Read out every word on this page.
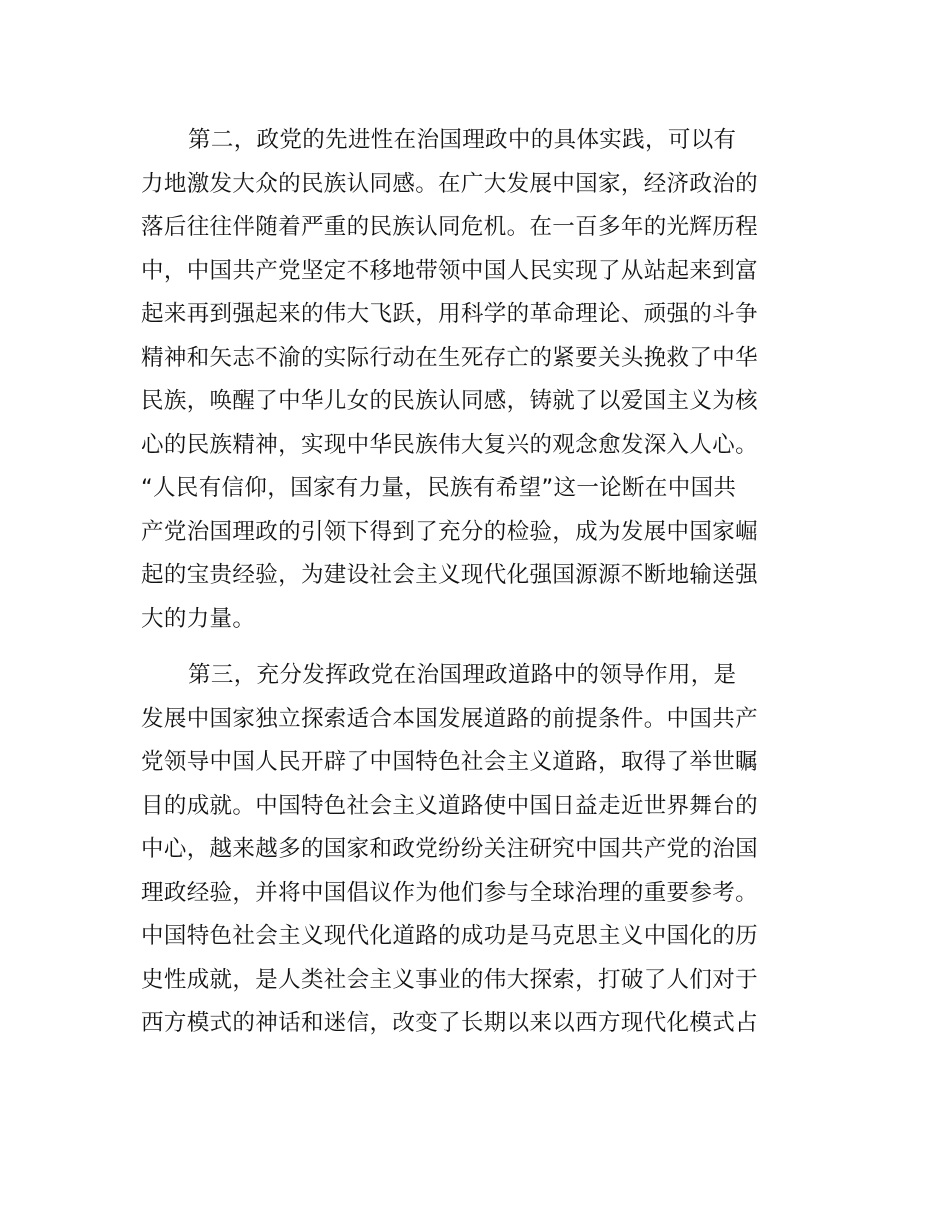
第二，政党的先进性在治国理政中的具体实践，可以有
力地激发大众的民族认同感。在广大发展中国家，经济政治的
落后往往伴随着严重的民族认同危机。在一百多年的光辉历程
中，中国共产党坚定不移地带领中国人民实现了从站起来到富
起来再到强起来的伟大飞跃，用科学的革命理论、顽强的斗争
精神和矢志不渝的实际行动在生死存亡的紧要关头挽救了中华
民族，唤醒了中华儿女的民族认同感，铸就了以爱国主义为核
心的民族精神，实现中华民族伟大复兴的观念愈发深入人心。
“人民有信仰，国家有力量，民族有希望”这一论断在中国共
产党治国理政的引领下得到了充分的检验，成为发展中国家崛
起的宝贵经验，为建设社会主义现代化强国源源不断地输送强
大的力量。
第三，充分发挥政党在治国理政道路中的领导作用，是
发展中国家独立探索适合本国发展道路的前提条件。中国共产
党领导中国人民开辟了中国特色社会主义道路，取得了举世瞩
目的成就。中国特色社会主义道路使中国日益走近世界舞台的
中心，越来越多的国家和政党纷纷关注研究中国共产党的治国
理政经验，并将中国倡议作为他们参与全球治理的重要参考。
中国特色社会主义现代化道路的成功是马克思主义中国化的历
史性成就，是人类社会主义事业的伟大探索，打破了人们对于
西方模式的神话和迷信，改变了长期以来以西方现代化模式占
